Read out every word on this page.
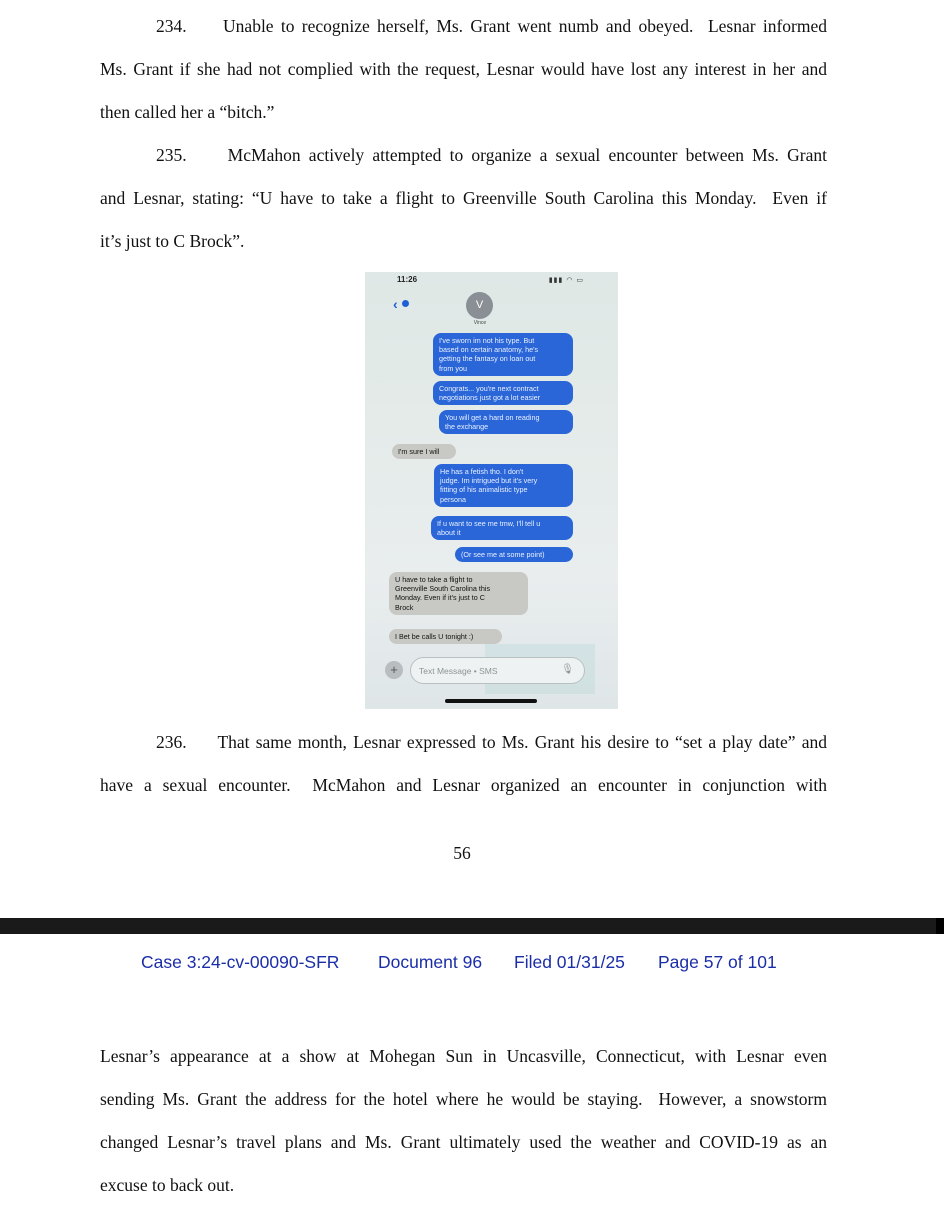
234.     Unable to recognize herself, Ms. Grant went numb and obeyed.  Lesnar informed
Ms. Grant if she had not complied with the request, Lesnar would have lost any interest in her and
then called her a “bitch.”

235.     McMahon actively attempted to organize a sexual encounter between Ms. Grant
and Lesnar, stating: “U have to take a flight to Greenville South Carolina this Monday.  Even if
it’s just to C Brock”.

11:26	▮▮▮ ◠ ▭
‹	V
Vince
I've sworn im not his type. But
based on certain anatomy, he's
getting the fantasy on loan out
from you
Congrats... you're next contract
negotiations just got a lot easier
You will get a hard on reading
the exchange
I'm sure I will
He has a fetish tho. I don't
judge. Im intrigued but it's very
fitting of his animalistic type
persona
If u want to see me tmw, I'll tell u
about it
(Or see me at some point)
U have to take a flight to
Greenville South Carolina this
Monday. Even if it's just to C
Brock
I Bet be calls U tonight :)
+	Text Message • SMS	🎙

236.     That same month, Lesnar expressed to Ms. Grant his desire to “set a play date” and
have a sexual encounter.  McMahon and Lesnar organized an encounter in conjunction with

56
Case 3:24-cv-00090-SFR Document 96 Filed 01/31/25 Page 57 of 101

Lesnar’s appearance at a show at Mohegan Sun in Uncasville, Connecticut, with Lesnar even
sending Ms. Grant the address for the hotel where he would be staying.  However, a snowstorm
changed Lesnar’s travel plans and Ms. Grant ultimately used the weather and COVID-19 as an
excuse to back out.
